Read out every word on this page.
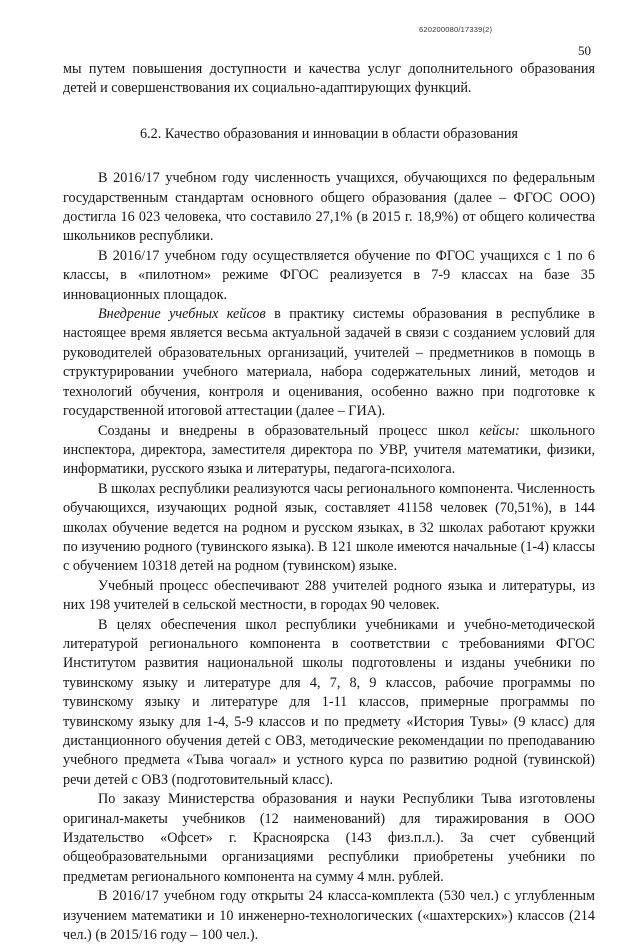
620200080/17339(2)
50

мы путем повышения доступности и качества услуг дополнительного образования детей и совершенствования их социально-адаптирующих функций.

6.2. Качество образования и инновации в области образования

В 2016/17 учебном году численность учащихся, обучающихся по федеральным государственным стандартам основного общего образования (далее – ФГОС ООО) достигла 16 023 человека, что составило 27,1% (в 2015 г. 18,9%) от общего количества школьников республики.

В 2016/17 учебном году осуществляется обучение по ФГОС учащихся с 1 по 6 классы, в «пилотном» режиме ФГОС реализуется в 7-9 классах на базе 35 инновационных площадок.

Внедрение учебных кейсов в практику системы образования в республике в настоящее время является весьма актуальной задачей в связи с созданием условий для руководителей образовательных организаций, учителей – предметников в помощь в структурировании учебного материала, набора содержательных линий, методов и технологий обучения, контроля и оценивания, особенно важно при подготовке к государственной итоговой аттестации (далее – ГИА).

Созданы и внедрены в образовательный процесс школ кейсы: школьного инспектора, директора, заместителя директора по УВР, учителя математики, физики, информатики, русского языка и литературы, педагога-психолога.

В школах республики реализуются часы регионального компонента. Численность обучающихся, изучающих родной язык, составляет 41158 человек (70,51%), в 144 школах обучение ведется на родном и русском языках, в 32 школах работают кружки по изучению родного (тувинского языка). В 121 школе имеются начальные (1-4) классы с обучением 10318 детей на родном (тувинском) языке.

Учебный процесс обеспечивают 288 учителей родного языка и литературы, из них 198 учителей в сельской местности, в городах 90 человек.

В целях обеспечения школ республики учебниками и учебно-методической литературой регионального компонента в соответствии с требованиями ФГОС Институтом развития национальной школы подготовлены и изданы учебники по тувинскому языку и литературе для 4, 7, 8, 9 классов, рабочие программы по тувинскому языку и литературе для 1-11 классов, примерные программы по тувинскому языку для 1-4, 5-9 классов и по предмету «История Тувы» (9 класс) для дистанционного обучения детей с ОВЗ, методические рекомендации по преподаванию учебного предмета «Тыва чогаал» и устного курса по развитию родной (тувинской) речи детей с ОВЗ (подготовительный класс).

По заказу Министерства образования и науки Республики Тыва изготовлены оригинал-макеты учебников (12 наименований) для тиражирования в ООО Издательство «Офсет» г. Красноярска (143 физ.п.л.). За счет субвенций общеобразовательными организациями республики приобретены учебники по предметам регионального компонента на сумму 4 млн. рублей.

В 2016/17 учебном году открыты 24 класса-комплекта (530 чел.) с углубленным изучением математики и 10 инженерно-технологических («шахтерских») классов (214 чел.) (в 2015/16 году – 100 чел.).
